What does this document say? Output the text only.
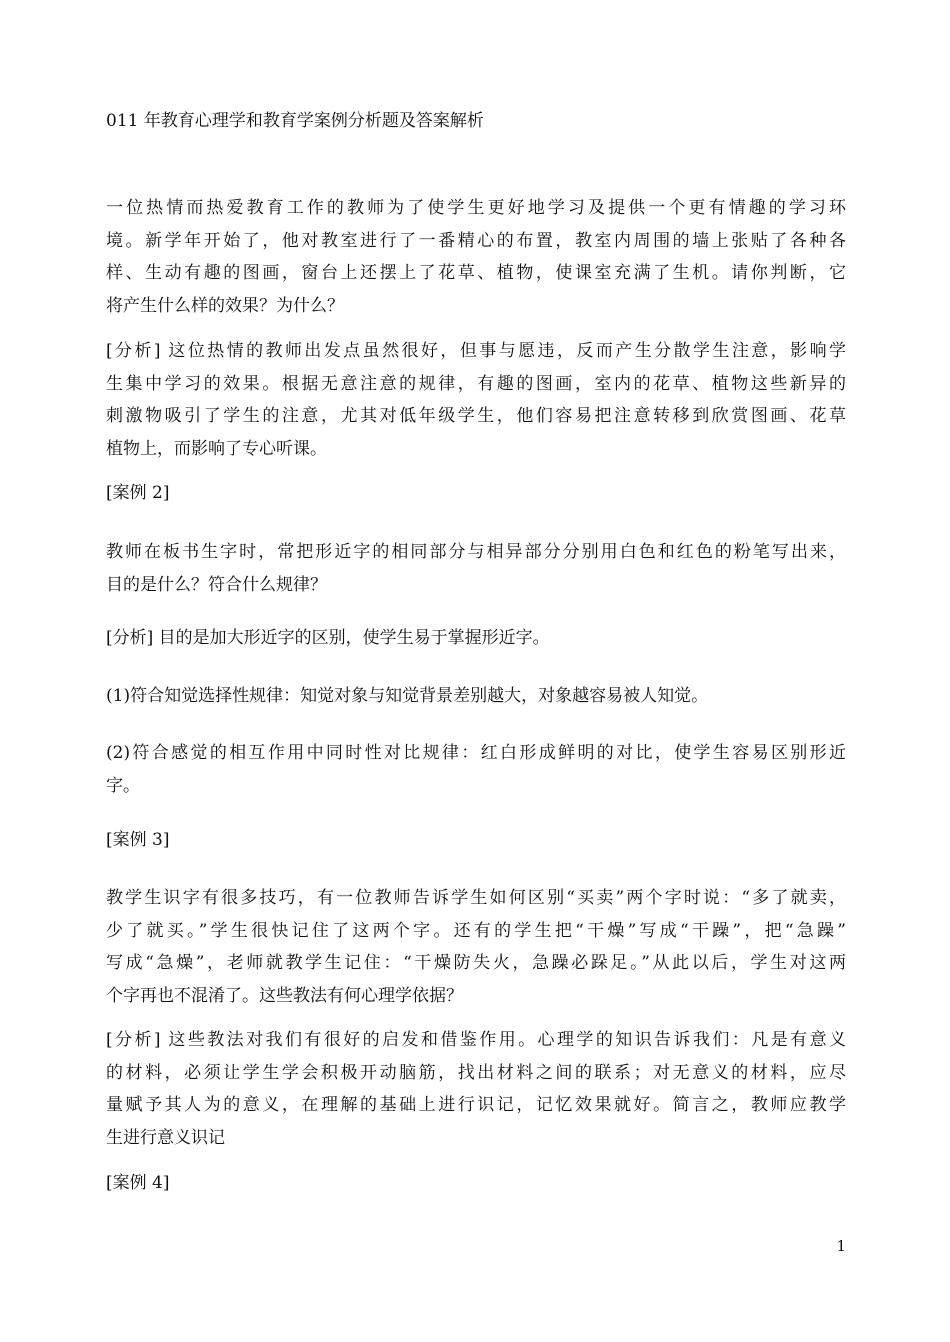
011 年教育心理学和教育学案例分析题及答案解析
一位热情而热爱教育工作的教师为了使学生更好地学习及提供一个更有情趣的学习环
境。新学年开始了，他对教室进行了一番精心的布置，教室内周围的墙上张贴了各种各
样、生动有趣的图画，窗台上还摆上了花草、植物，使课室充满了生机。请你判断，它
将产生什么样的效果？为什么？
[分析] 这位热情的教师出发点虽然很好，但事与愿违，反而产生分散学生注意，影响学
生集中学习的效果。根据无意注意的规律，有趣的图画，室内的花草、植物这些新异的
刺激物吸引了学生的注意，尤其对低年级学生，他们容易把注意转移到欣赏图画、花草
植物上，而影响了专心听课。
[案例 2]
教师在板书生字时，常把形近字的相同部分与相异部分分别用白色和红色的粉笔写出来，
目的是什么？符合什么规律？
[分析] 目的是加大形近字的区别，使学生易于掌握形近字。
(1)符合知觉选择性规律：知觉对象与知觉背景差别越大，对象越容易被人知觉。
(2)符合感觉的相互作用中同时性对比规律：红白形成鲜明的对比，使学生容易区别形近
字。
[案例 3]
教学生识字有很多技巧，有一位教师告诉学生如何区别“买卖”两个字时说：“多了就卖，
少了就买。”学生很快记住了这两个字。还有的学生把“干燥”写成“干躁”，把“急躁”
写成“急燥”，老师就教学生记住：“干燥防失火，急躁必跺足。”从此以后，学生对这两
个字再也不混淆了。这些教法有何心理学依据？
[分析] 这些教法对我们有很好的启发和借鉴作用。心理学的知识告诉我们：凡是有意义
的材料，必须让学生学会积极开动脑筋，找出材料之间的联系；对无意义的材料，应尽
量赋予其人为的意义，在理解的基础上进行识记，记忆效果就好。简言之，教师应教学
生进行意义识记
[案例 4]
1
